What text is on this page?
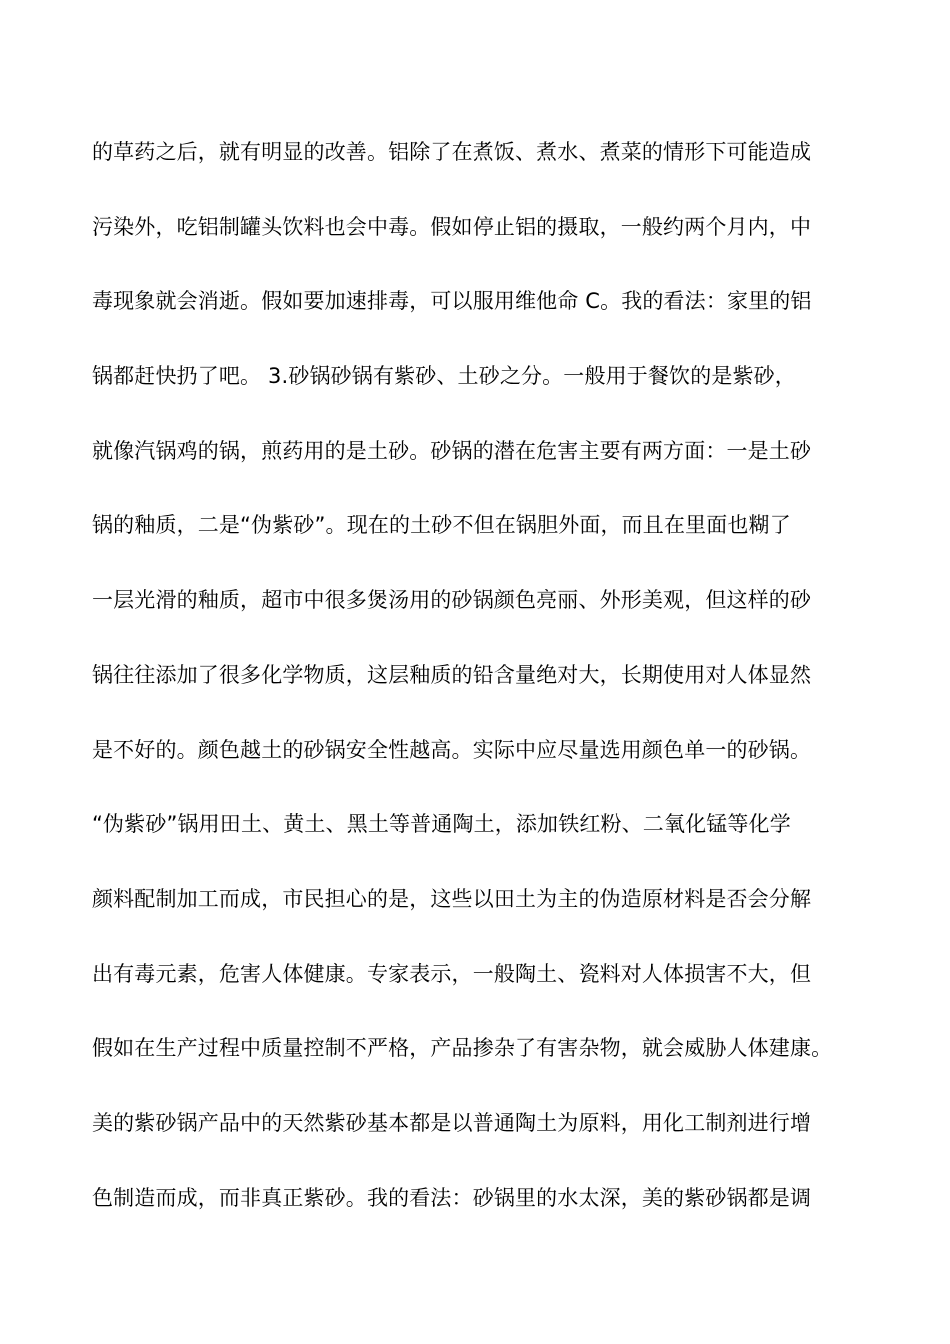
的草药之后，就有明显的改善。铝除了在煮饭、煮水、煮菜的情形下可能造成
污染外，吃铝制罐头饮料也会中毒。假如停止铝的摄取，一般约两个月内，中
毒现象就会消逝。假如要加速排毒，可以服用维他命 C。我的看法：家里的铝
锅都赶快扔了吧。 3.砂锅砂锅有紫砂、土砂之分。一般用于餐饮的是紫砂，
就像汽锅鸡的锅，煎药用的是土砂。砂锅的潜在危害主要有两方面：一是土砂
锅的釉质，二是“伪紫砂”。现在的土砂不但在锅胆外面，而且在里面也糊了
一层光滑的釉质，超市中很多煲汤用的砂锅颜色亮丽、外形美观，但这样的砂
锅往往添加了很多化学物质，这层釉质的铅含量绝对大，长期使用对人体显然
是不好的。颜色越土的砂锅安全性越高。实际中应尽量选用颜色单一的砂锅。
“伪紫砂”锅用田土、黄土、黑土等普通陶土，添加铁红粉、二氧化锰等化学
颜料配制加工而成，市民担心的是，这些以田土为主的伪造原材料是否会分解
出有毒元素，危害人体健康。专家表示，一般陶土、瓷料对人体损害不大，但
假如在生产过程中质量控制不严格，产品掺杂了有害杂物，就会威胁人体建康。
美的紫砂锅产品中的天然紫砂基本都是以普通陶土为原料，用化工制剂进行增
色制造而成，而非真正紫砂。我的看法：砂锅里的水太深，美的紫砂锅都是调
